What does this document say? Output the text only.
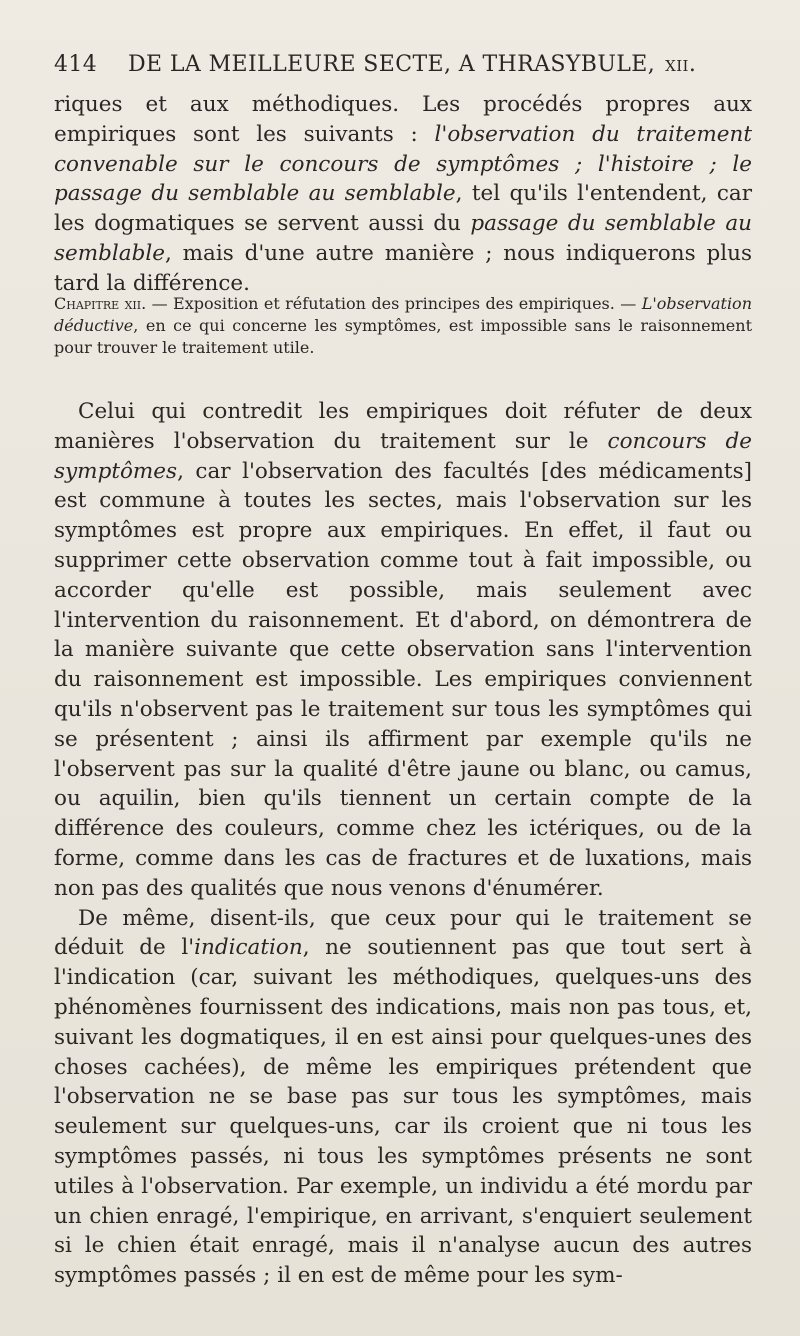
414 DE LA MEILLEURE SECTE, A THRASYBULE, xii.

riques et aux méthodiques. Les procédés propres aux empiriques sont les suivants : l'observation du traitement convenable sur le concours de symptômes ; l'histoire ; le passage du semblable au semblable, tel qu'ils l'entendent, car les dogmatiques se servent aussi du passage du semblable au semblable, mais d'une autre manière ; nous indiquerons plus tard la différence.

Chapitre xii. — Exposition et réfutation des principes des empiriques. — L'observation déductive, en ce qui concerne les symptômes, est impossible sans le raisonnement pour trouver le traitement utile.

Celui qui contredit les empiriques doit réfuter de deux manières l'observation du traitement sur le concours de symptômes, car l'observation des facultés [des médicaments] est commune à toutes les sectes, mais l'observation sur les symptômes est propre aux empiriques. En effet, il faut ou supprimer cette observation comme tout à fait impossible, ou accorder qu'elle est possible, mais seulement avec l'intervention du raisonnement. Et d'abord, on démontrera de la manière suivante que cette observation sans l'intervention du raisonnement est impossible. Les empiriques conviennent qu'ils n'observent pas le traitement sur tous les symptômes qui se présentent ; ainsi ils affirment par exemple qu'ils ne l'observent pas sur la qualité d'être jaune ou blanc, ou camus, ou aquilin, bien qu'ils tiennent un certain compte de la différence des couleurs, comme chez les ictériques, ou de la forme, comme dans les cas de fractures et de luxations, mais non pas des qualités que nous venons d'énumérer.

De même, disent-ils, que ceux pour qui le traitement se déduit de l'indication, ne soutiennent pas que tout sert à l'indication (car, suivant les méthodiques, quelques-uns des phénomènes fournissent des indications, mais non pas tous, et, suivant les dogmatiques, il en est ainsi pour quelques-unes des choses cachées), de même les empiriques prétendent que l'observation ne se base pas sur tous les symptômes, mais seulement sur quelques-uns, car ils croient que ni tous les symptômes passés, ni tous les symptômes présents ne sont utiles à l'observation. Par exemple, un individu a été mordu par un chien enragé, l'empirique, en arrivant, s'enquiert seulement si le chien était enragé, mais il n'analyse aucun des autres symptômes passés ; il en est de même pour les sym-
